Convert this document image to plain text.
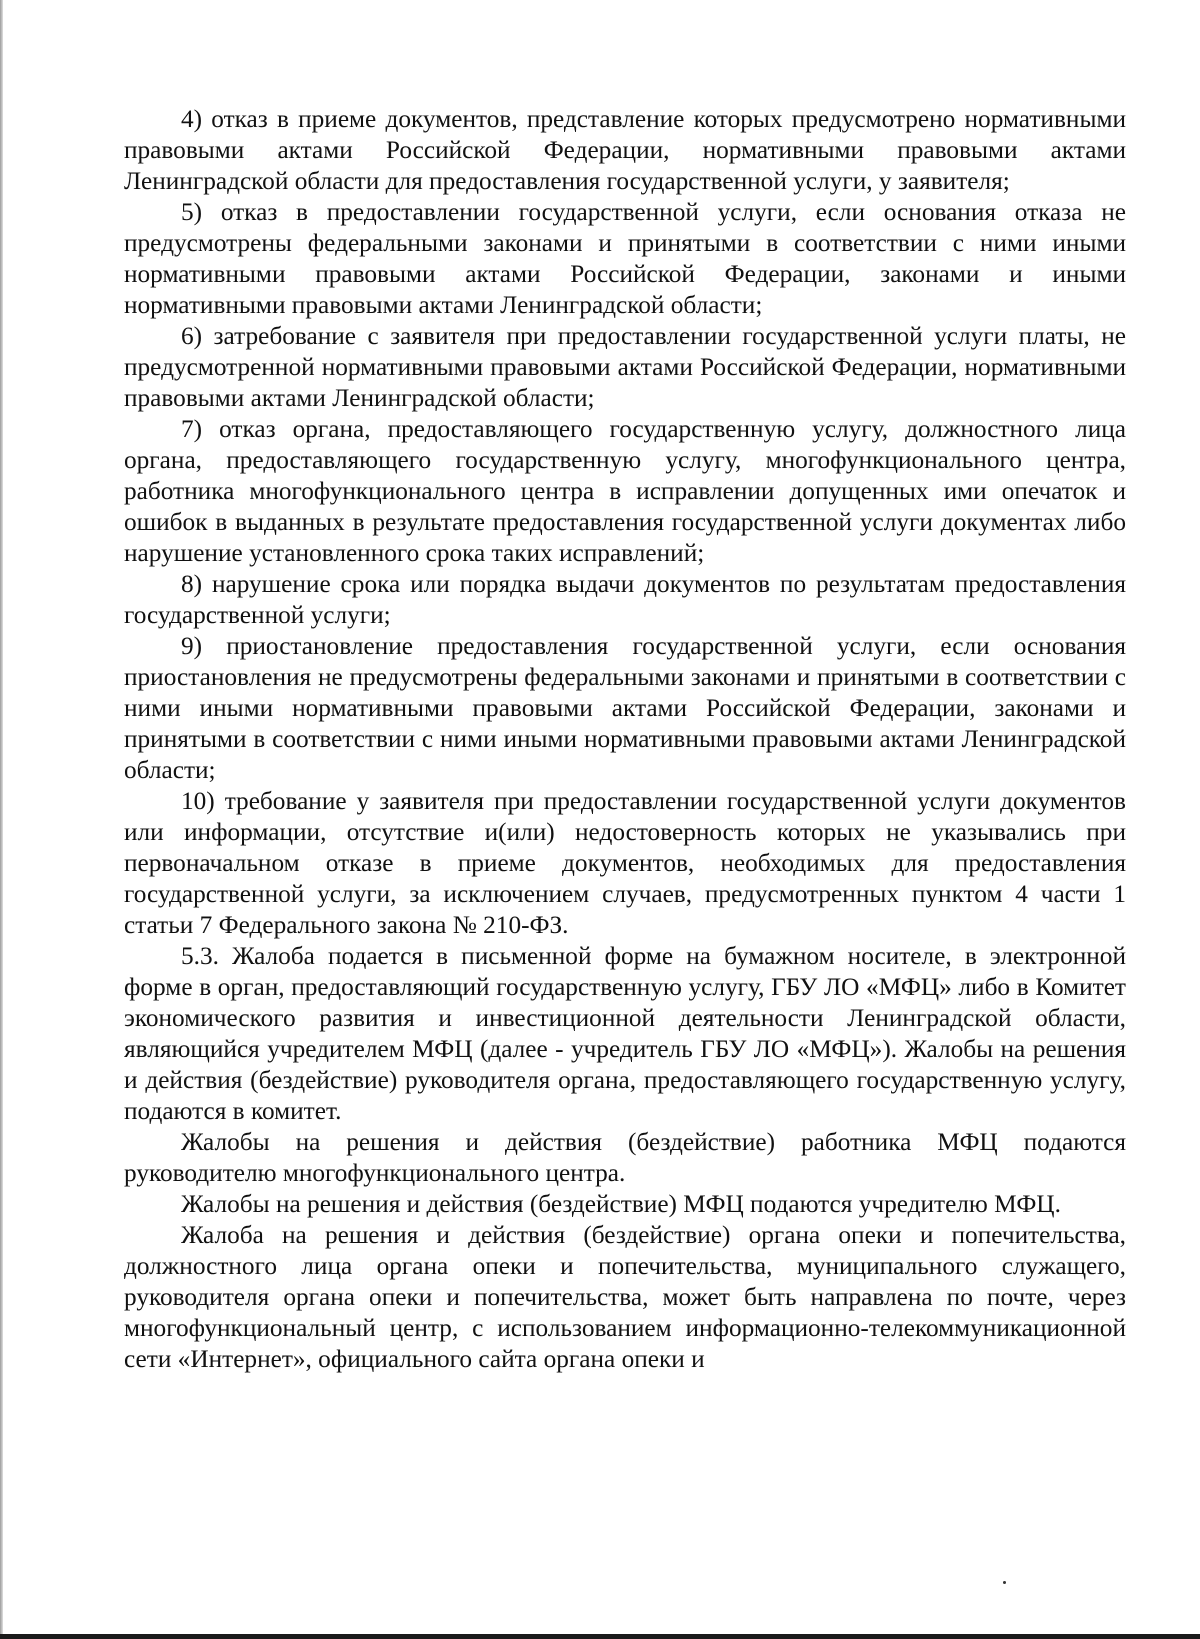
4) отказ в приеме документов, представление которых предусмотрено нормативными правовыми актами Российской Федерации, нормативными правовыми актами Ленинградской области для предоставления государственной услуги, у заявителя;

5) отказ в предоставлении государственной услуги, если основания отказа не предусмотрены федеральными законами и принятыми в соответствии с ними иными нормативными правовыми актами Российской Федерации, законами и иными нормативными правовыми актами Ленинградской области;

6) затребование с заявителя при предоставлении государственной услуги платы, не предусмотренной нормативными правовыми актами Российской Федерации, нормативными правовыми актами Ленинградской области;

7) отказ органа, предоставляющего государственную услугу, должностного лица органа, предоставляющего государственную услугу, многофункционального центра, работника многофункционального центра в исправлении допущенных ими опечаток и ошибок в выданных в результате предоставления государственной услуги документах либо нарушение установленного срока таких исправлений;

8) нарушение срока или порядка выдачи документов по результатам предоставления государственной услуги;

9) приостановление предоставления государственной услуги, если основания приостановления не предусмотрены федеральными законами и принятыми в соответствии с ними иными нормативными правовыми актами Российской Федерации, законами и принятыми в соответствии с ними иными нормативными правовыми актами Ленинградской области;

10) требование у заявителя при предоставлении государственной услуги документов или информации, отсутствие и(или) недостоверность которых не указывались при первоначальном отказе в приеме документов, необходимых для предоставления государственной услуги, за исключением случаев, предусмотренных пунктом 4 части 1 статьи 7 Федерального закона № 210-ФЗ.

5.3. Жалоба подается в письменной форме на бумажном носителе, в электронной форме в орган, предоставляющий государственную услугу, ГБУ ЛО «МФЦ» либо в Комитет экономического развития и инвестиционной деятельности Ленинградской области, являющийся учредителем МФЦ (далее - учредитель ГБУ ЛО «МФЦ»). Жалобы на решения и действия (бездействие) руководителя органа, предоставляющего государственную услугу, подаются в комитет.

Жалобы на решения и действия (бездействие) работника МФЦ подаются руководителю многофункционального центра.

Жалобы на решения и действия (бездействие) МФЦ подаются учредителю МФЦ.

Жалоба на решения и действия (бездействие) органа опеки и попечительства, должностного лица органа опеки и попечительства, муниципального служащего, руководителя органа опеки и попечительства, может быть направлена по почте, через многофункциональный центр, с использованием информационно-телекоммуникационной сети «Интернет», официального сайта органа опеки и
